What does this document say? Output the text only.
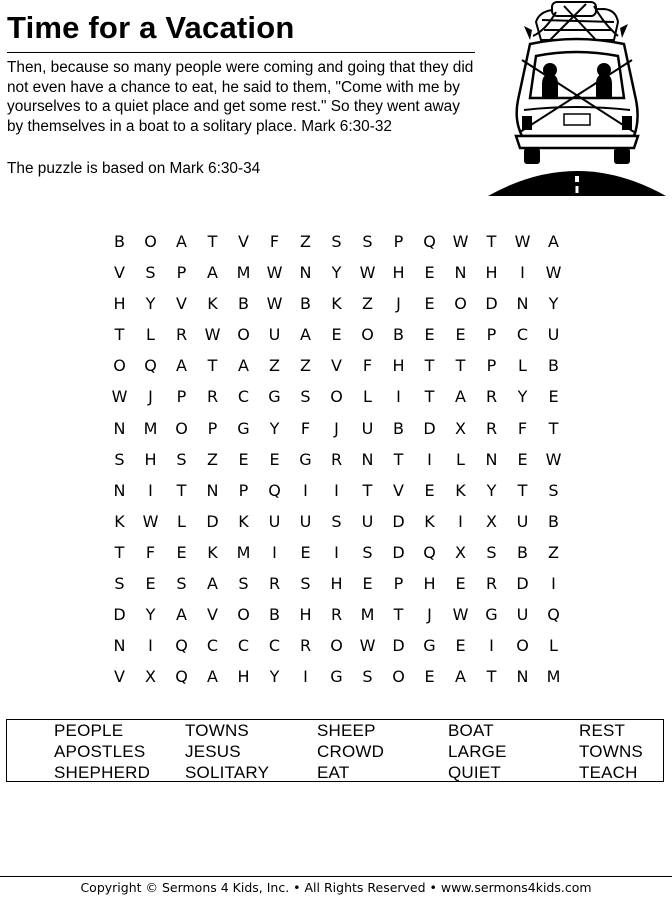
Time for a Vacation
Then, because so many people were coming and going that they did not even have a chance to eat, he said to them, "Come with me by yourselves to a quiet place and get some rest." So they went away by themselves in a boat to a solitary place. Mark 6:30-32
The puzzle is based on Mark 6:30-34
B	O	A	T	V	F	Z	S	S	P	Q	W	T	W	A
V	S	P	A	M	W	N	Y	W	H	E	N	H	I	W
H	Y	V	K	B	W	B	K	Z	J	E	O	D	N	Y
T	L	R	W	O	U	A	E	O	B	E	E	P	C	U
O	Q	A	T	A	Z	Z	V	F	H	T	T	P	L	B
W	J	P	R	C	G	S	O	L	I	T	A	R	Y	E
N	M	O	P	G	Y	F	J	U	B	D	X	R	F	T
S	H	S	Z	E	E	G	R	N	T	I	L	N	E	W
N	I	T	N	P	Q	I	I	T	V	E	K	Y	T	S
K	W	L	D	K	U	U	S	U	D	K	I	X	U	B
T	F	E	K	M	I	E	I	S	D	Q	X	S	B	Z
S	E	S	A	S	R	S	H	E	P	H	E	R	D	I
D	Y	A	V	O	B	H	R	M	T	J	W	G	U	Q
N	I	Q	C	C	C	R	O	W	D	G	E	I	O	L
V	X	Q	A	H	Y	I	G	S	O	E	A	T	N	M
PEOPLE	TOWNS	SHEEP	BOAT	REST
APOSTLES JESUS	CROWD	LARGE	TOWNS
SHEPHERD SOLITARY	EAT	QUIET	TEACH
Copyright © Sermons 4 Kids, Inc. • All Rights Reserved • www.sermons4kids.com
